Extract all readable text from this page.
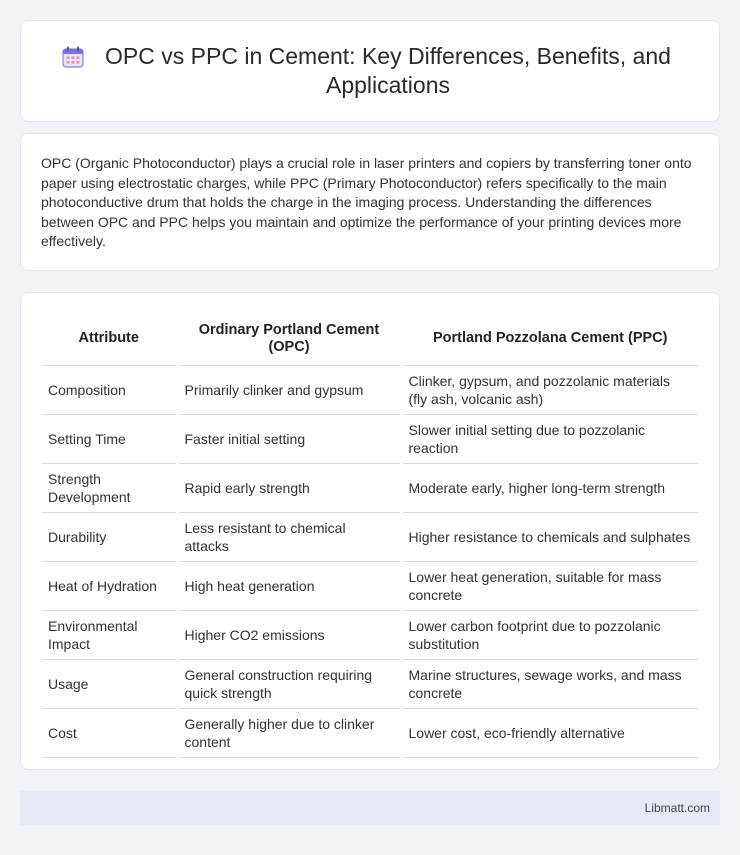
OPC vs PPC in Cement: Key Differences, Benefits, and Applications

OPC (Organic Photoconductor) plays a crucial role in laser printers and copiers by transferring toner onto paper using electrostatic charges, while PPC (Primary Photoconductor) refers specifically to the main photoconductive drum that holds the charge in the imaging process. Understanding the differences between OPC and PPC helps you maintain and optimize the performance of your printing devices more effectively.

Attribute	Ordinary Portland Cement (OPC)	Portland Pozzolana Cement (PPC)
Composition	Primarily clinker and gypsum	Clinker, gypsum, and pozzolanic materials (fly ash, volcanic ash)
Setting Time	Faster initial setting	Slower initial setting due to pozzolanic reaction
Strength Development	Rapid early strength	Moderate early, higher long-term strength
Durability	Less resistant to chemical attacks	Higher resistance to chemicals and sulphates
Heat of Hydration	High heat generation	Lower heat generation, suitable for mass concrete
Environmental Impact	Higher CO2 emissions	Lower carbon footprint due to pozzolanic substitution
Usage	General construction requiring quick strength	Marine structures, sewage works, and mass concrete
Cost	Generally higher due to clinker content	Lower cost, eco-friendly alternative
Libmatt.com
